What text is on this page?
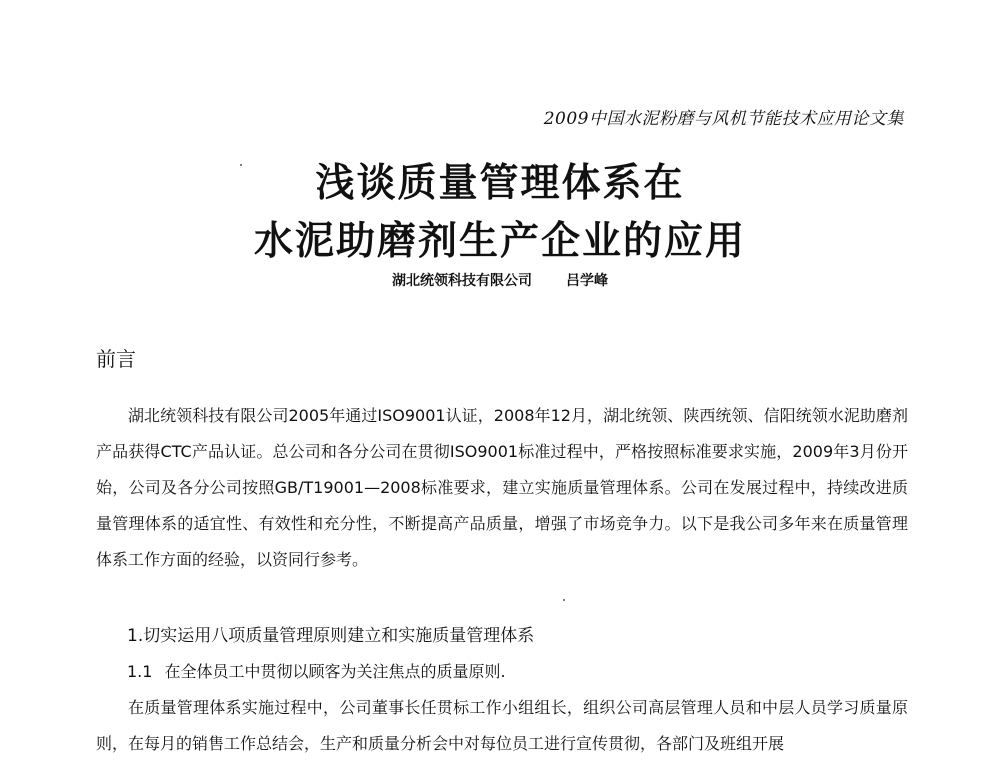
2009中国水泥粉磨与风机节能技术应用论文集
浅谈质量管理体系在
水泥助磨剂生产企业的应用
湖北统领科技有限公司 吕学峰
前言

湖北统领科技有限公司2005年通过ISO9001认证，2008年12月，湖北统领、陕西统领、信阳统领水泥助磨剂产品获得CTC产品认证。总公司和各分公司在贯彻ISO9001标准过程中，严格按照标准要求实施，2009年3月份开始，公司及各分公司按照GB/T19001—2008标准要求，建立实施质量管理体系。公司在发展过程中，持续改进质量管理体系的适宜性、有效性和充分性，不断提高产品质量，增强了市场竞争力。以下是我公司多年来在质量管理体系工作方面的经验，以资同行参考。

1.切实运用八项质量管理原则建立和实施质量管理体系
1.1 在全体员工中贯彻以顾客为关注焦点的质量原则.

在质量管理体系实施过程中，公司董事长任贯标工作小组组长，组织公司高层管理人员和中层人员学习质量原则，在每月的销售工作总结会，生产和质量分析会中对每位员工进行宣传贯彻，各部门及班组开展
